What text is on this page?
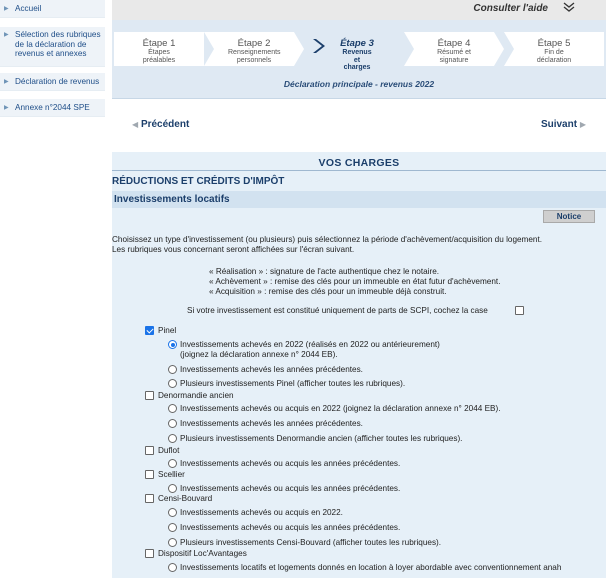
▶ Accueil
▶ Sélection des rubriques de la déclaration de revenus et annexes
▶ Déclaration de revenus
▶ Annexe n°2044 SPE
Consulter l'aide
Étape 1
Étapes préalables
Étape 2
Renseignements personnels
Étape 3
Revenus et charges
Étape 4
Résumé et signature
Étape 5
Fin de déclaration
Déclaration principale - revenus 2022
◀ Précédent	Suivant ▶
VOS CHARGES
RÉDUCTIONS ET CRÉDITS D'IMPÔT
Investissements locatifs
Notice
Choisissez un type d'investissement (ou plusieurs) puis sélectionnez la période d'achèvement/acquisition du logement.
Les rubriques vous concernant seront affichées sur l'écran suivant.
« Réalisation » : signature de l'acte authentique chez le notaire.
« Achèvement » : remise des clés pour un immeuble en état futur d'achèvement.
« Acquisition » : remise des clés pour un immeuble déjà construit.
Si votre investissement est constitué uniquement de parts de SCPI, cochez la case
Pinel
Investissements achevés en 2022 (réalisés en 2022 ou antérieurement)
(joignez la déclaration annexe n° 2044 EB).
Investissements achevés les années précédentes.
Plusieurs investissements Pinel (afficher toutes les rubriques).
Denormandie ancien
Investissements achevés ou acquis en 2022 (joignez la déclaration annexe n° 2044 EB).
Investissements achevés les années précédentes.
Plusieurs investissements Denormandie ancien (afficher toutes les rubriques).
Duflot
Investissements achevés ou acquis les années précédentes.
Scellier
Investissements achevés ou acquis les années précédentes.
Censi-Bouvard
Investissements achevés ou acquis en 2022.
Investissements achevés ou acquis les années précédentes.
Plusieurs investissements Censi-Bouvard (afficher toutes les rubriques).
Dispositif Loc'Avantages
Investissements locatifs et logements donnés en location à loyer abordable avec conventionnement anah
